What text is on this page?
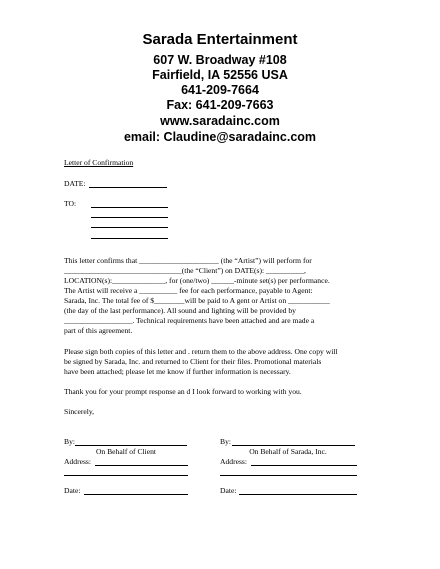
Sarada Entertainment
607 W. Broadway #108
Fairfield, IA 52556 USA
641-209-7664
Fax: 641-209-7663
www.saradainc.com
email: Claudine@saradainc.com
Letter of Confirmation
DATE:
TO:
This letter confirms that _____________________ (the “Artist”) will perform for
_______________________________(the “Client”) on DATE(s): __________,
LOCATION(s):______________, for (one/two) ______-minute set(s) per performance.
The Artist will receive a __________ fee for each performance, payable to Agent:
Sarada, Inc. The total fee of $________will be paid to A gent or Artist on ___________
(the day of the last performance). All sound and lighting will be provided by
__________________. Technical requirements have been attached and are made a
part of this agreement.
Please sign both copies of this letter and . return them to the above address. One copy will
be signed by Sarada, Inc. and returned to Client for their files. Promotional materials
have been attached; please let me know if further information is necessary.
Thank you for your prompt response an d I look forward to working with you.
Sincerely,
By:
On Behalf of Client
Address:
Date:
By:
On Behalf of Sarada, Inc.
Address:
Date:
